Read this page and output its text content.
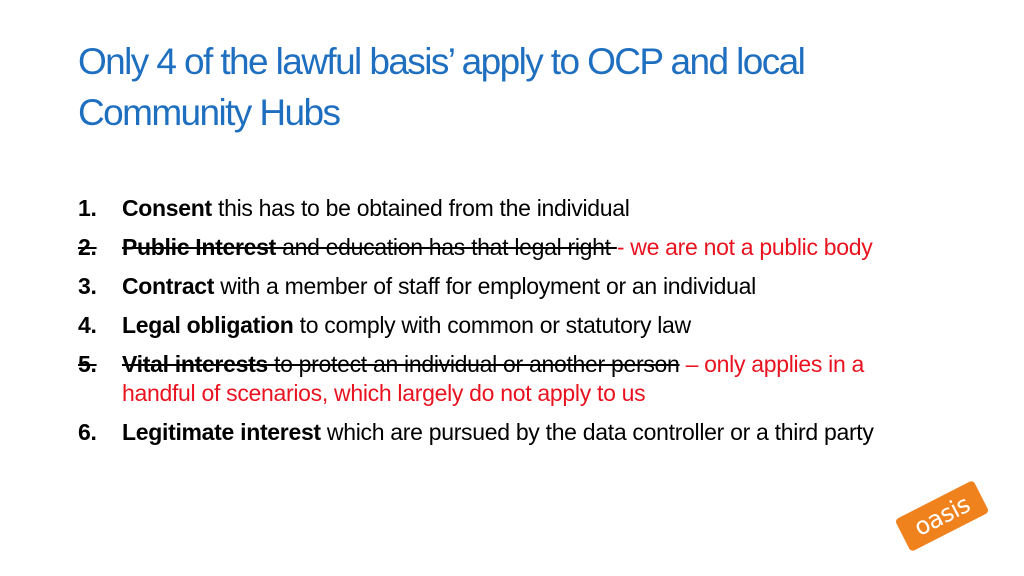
Only 4 of the lawful basis’ apply to OCP and local Community Hubs
1.	Consent this has to be obtained from the individual
2.	Public Interest and education has that legal right - we are not a public body
3.	Contract with a member of staff for employment or an individual
4.	Legal obligation to comply with common or statutory law
5.	Vital interests to protect an individual or another person – only applies in a handful of scenarios, which largely do not apply to us
6.	Legitimate interest which are pursued by the data controller or a third party
oasis
